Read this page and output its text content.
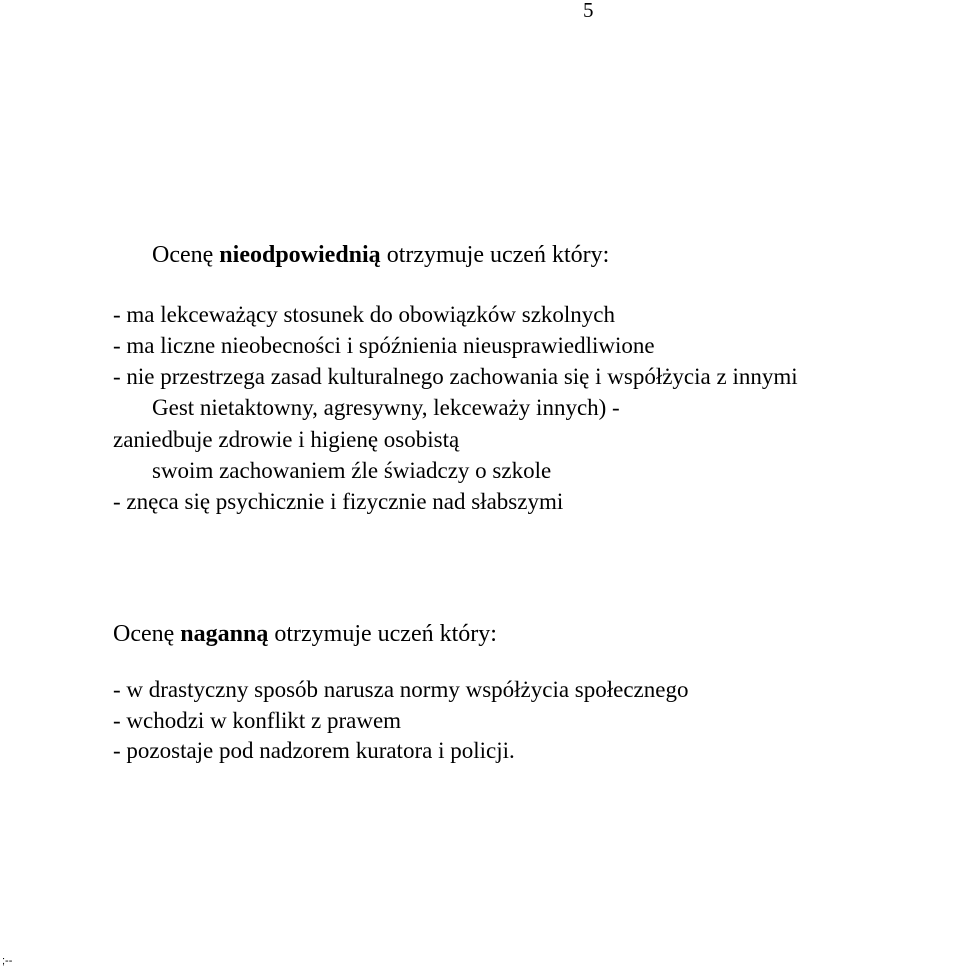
5
Ocenę nieodpowiednią otrzymuje uczeń który:
- ma lekceważący stosunek do obowiązków szkolnych
- ma liczne nieobecności i spóźnienia nieusprawiedliwione
- nie przestrzega zasad kulturalnego zachowania się i współżycia z innymi
Gest nietaktowny, agresywny, lekceważy innych) -
zaniedbuje zdrowie i higienę osobistą
swoim zachowaniem źle świadczy o szkole
- znęca się psychicznie i fizycznie nad słabszymi
Ocenę naganną otrzymuje uczeń który:
- w drastyczny sposób narusza normy współżycia społecznego
- wchodzi w konflikt z prawem
- pozostaje pod nadzorem kuratora i policji.
;--
